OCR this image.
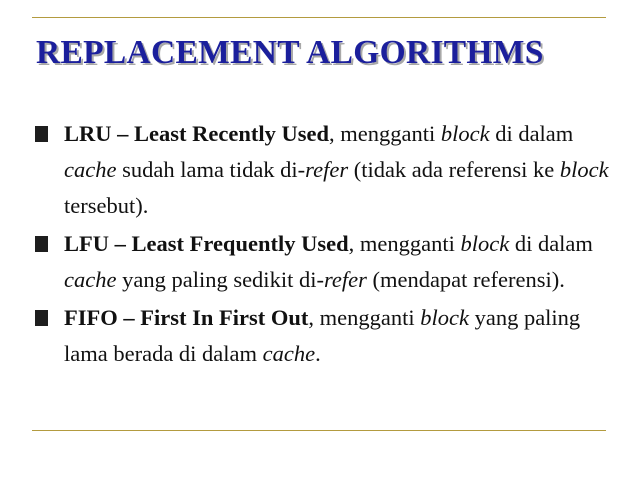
REPLACEMENT ALGORITHMS
LRU – Least Recently Used, mengganti block di dalam cache sudah lama tidak di-refer (tidak ada referensi ke block tersebut).
LFU – Least Frequently Used, mengganti block di dalam cache yang paling sedikit di-refer (mendapat referensi).
FIFO – First In First Out, mengganti block yang paling lama berada di dalam cache.
